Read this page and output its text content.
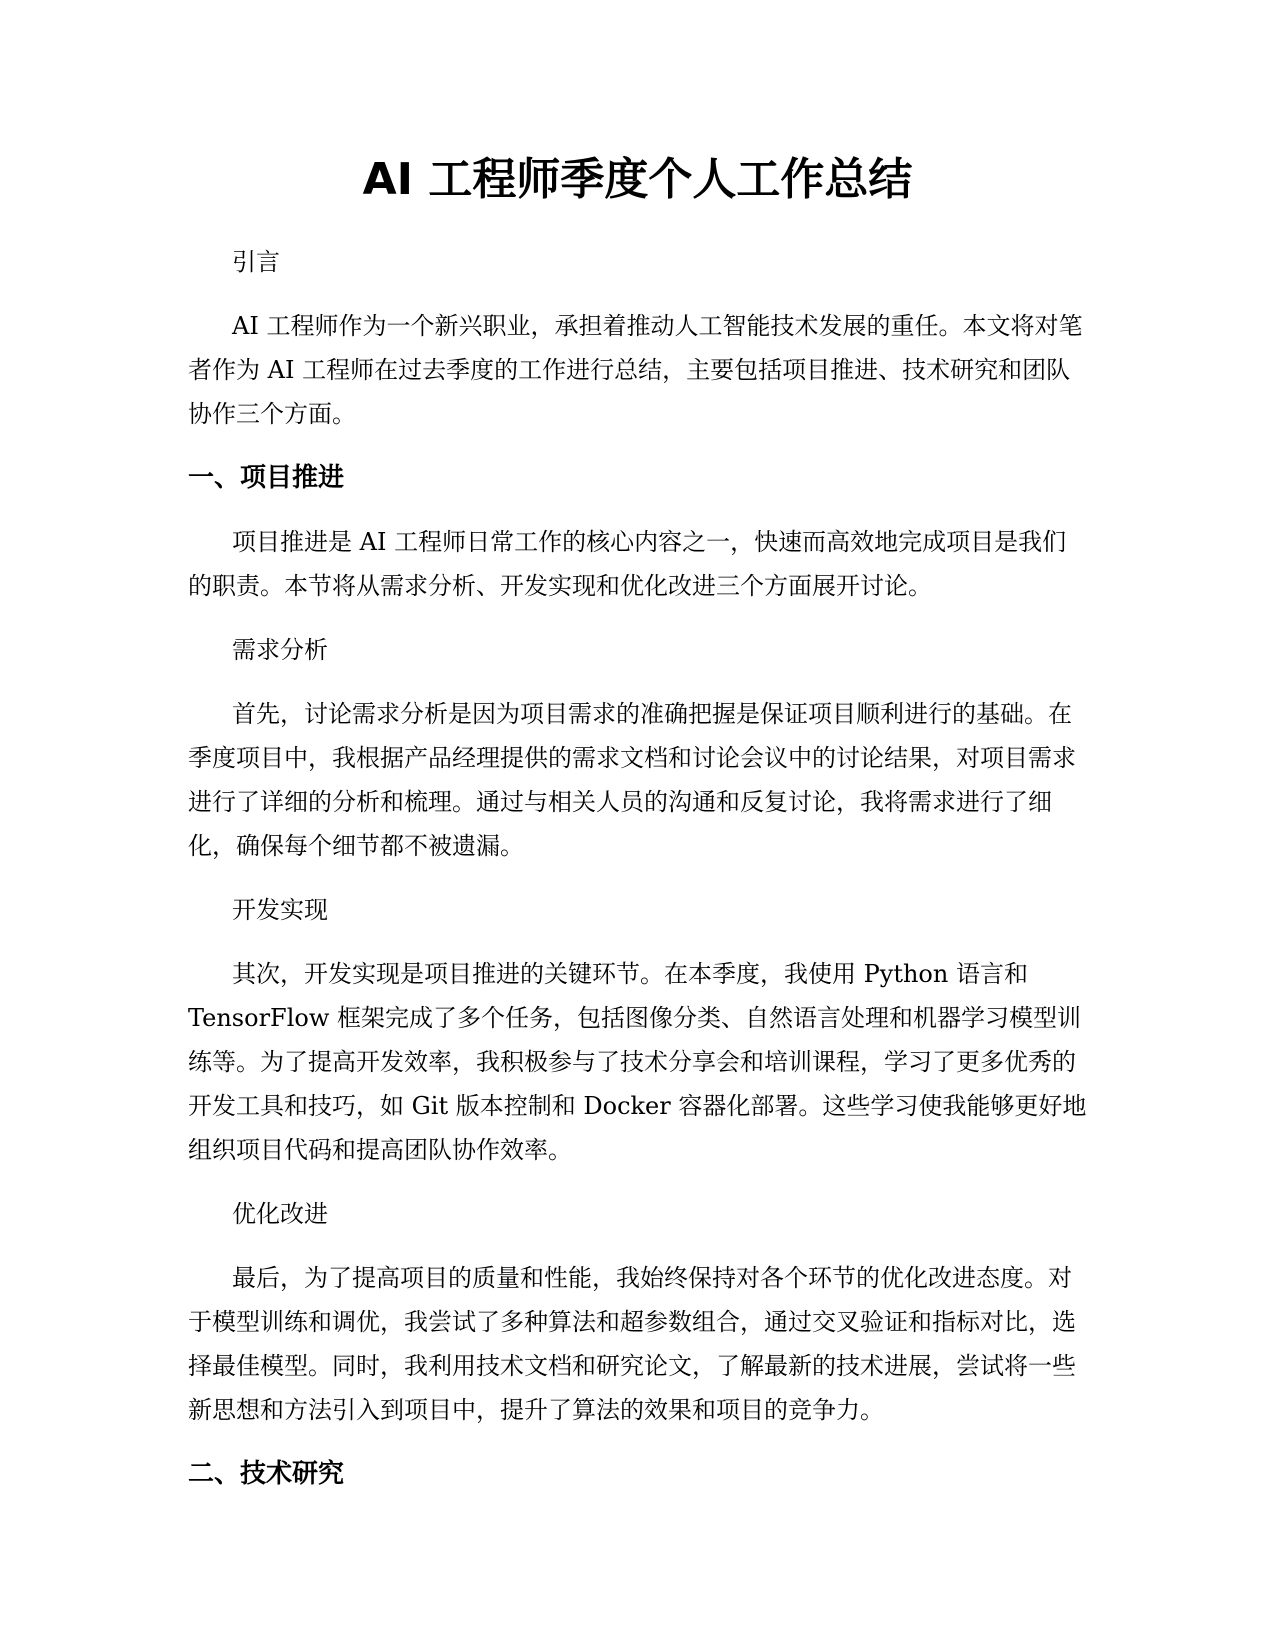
AI 工程师季度个人工作总结

引言

AI 工程师作为一个新兴职业，承担着推动人工智能技术发展的重任。本文将对笔者作为 AI 工程师在过去季度的工作进行总结，主要包括项目推进、技术研究和团队协作三个方面。

一、项目推进

项目推进是 AI 工程师日常工作的核心内容之一，快速而高效地完成项目是我们的职责。本节将从需求分析、开发实现和优化改进三个方面展开讨论。

需求分析

首先，讨论需求分析是因为项目需求的准确把握是保证项目顺利进行的基础。在季度项目中，我根据产品经理提供的需求文档和讨论会议中的讨论结果，对项目需求进行了详细的分析和梳理。通过与相关人员的沟通和反复讨论，我将需求进行了细化，确保每个细节都不被遗漏。

开发实现

其次，开发实现是项目推进的关键环节。在本季度，我使用 Python 语言和 TensorFlow 框架完成了多个任务，包括图像分类、自然语言处理和机器学习模型训练等。为了提高开发效率，我积极参与了技术分享会和培训课程，学习了更多优秀的开发工具和技巧，如 Git 版本控制和 Docker 容器化部署。这些学习使我能够更好地组织项目代码和提高团队协作效率。

优化改进

最后，为了提高项目的质量和性能，我始终保持对各个环节的优化改进态度。对于模型训练和调优，我尝试了多种算法和超参数组合，通过交叉验证和指标对比，选择最佳模型。同时，我利用技术文档和研究论文，了解最新的技术进展，尝试将一些新思想和方法引入到项目中，提升了算法的效果和项目的竞争力。

二、技术研究
